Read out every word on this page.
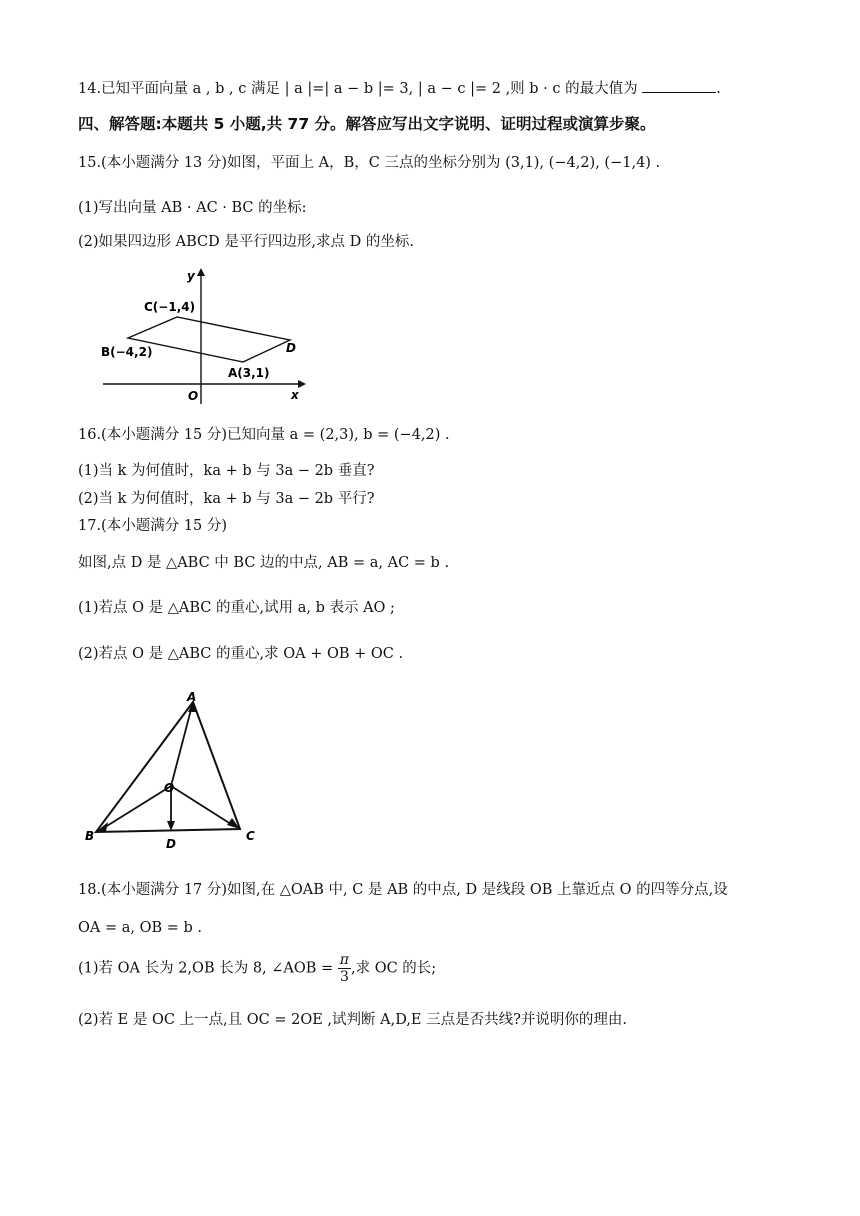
14.已知平面向量 a , b , c 满足 | a |=| a − b |= 3, | a − c |= 2 ,则 b · c 的最大值为	.
四、解答题:本题共 5 小题,共 77 分。解答应写出文字说明、证明过程或演算步聚。
15.(本小题满分 13 分)如图，平面上 A，B，C 三点的坐标分别为 (3,1), (−4,2), (−1,4) .
(1)写出向量 AB · AC · BC 的坐标:
(2)如果四边形 ABCD 是平行四边形,求点 D 的坐标.
y
x
O
C(−1,4)
B(−4,2)
A(3,1)
D
16.(本小题满分 15 分)已知向量 a = (2,3), b = (−4,2) .
(1)当 k 为何值时，ka + b 与 3a − 2b 垂直?
(2)当 k 为何值时，ka + b 与 3a − 2b 平行?
17.(本小题满分 15 分)
如图,点 D 是 △ABC 中 BC 边的中点, AB = a, AC = b .
(1)若点 O 是 △ABC 的重心,试用 a, b 表示 AO ;
(2)若点 O 是 △ABC 的重心,求 OA + OB + OC .
A
B	C
O
D
18.(本小题满分 17 分)如图,在 △OAB 中, C 是 AB 的中点, D 是线段 OB 上靠近点 O 的四等分点,设
OA = a, OB = b .
(1)若 OA 长为 2,OB 长为 8, ∠AOB = $\frac{\pi}{3}$ ,求 OC 的长;
(2)若 E 是 OC 上一点,且 OC = 2OE ,试判断 A,D,E 三点是否共线?并说明你的理由.
